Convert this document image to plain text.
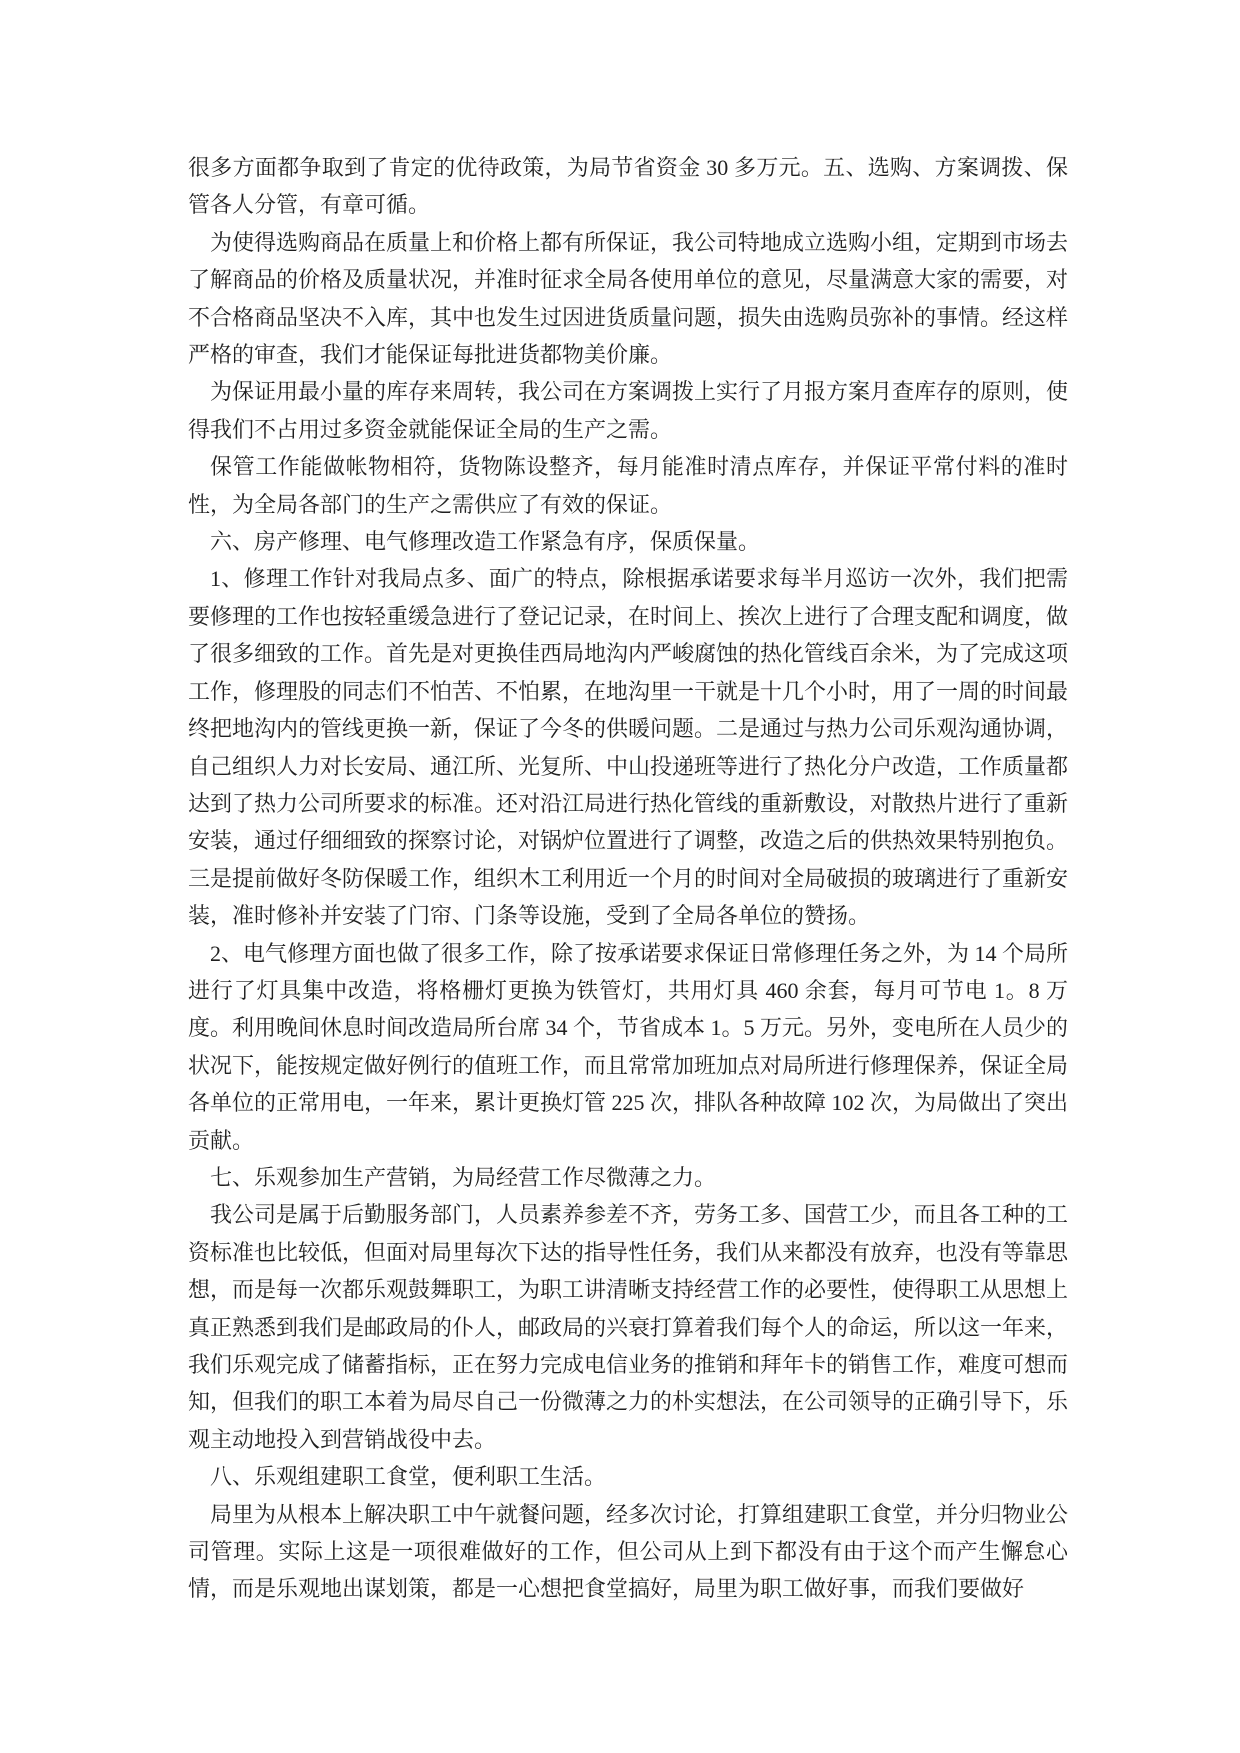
很多方面都争取到了肯定的优待政策，为局节省资金 30 多万元。五、选购、方案调拨、保管各人分管，有章可循。

为使得选购商品在质量上和价格上都有所保证，我公司特地成立选购小组，定期到市场去了解商品的价格及质量状况，并准时征求全局各使用单位的意见，尽量满意大家的需要，对不合格商品坚决不入库，其中也发生过因进货质量问题，损失由选购员弥补的事情。经这样严格的审查，我们才能保证每批进货都物美价廉。

为保证用最小量的库存来周转，我公司在方案调拨上实行了月报方案月查库存的原则，使得我们不占用过多资金就能保证全局的生产之需。

保管工作能做帐物相符，货物陈设整齐，每月能准时清点库存，并保证平常付料的准时性，为全局各部门的生产之需供应了有效的保证。

六、房产修理、电气修理改造工作紧急有序，保质保量。

1、修理工作针对我局点多、面广的特点，除根据承诺要求每半月巡访一次外，我们把需要修理的工作也按轻重缓急进行了登记记录，在时间上、挨次上进行了合理支配和调度，做了很多细致的工作。首先是对更换佳西局地沟内严峻腐蚀的热化管线百余米，为了完成这项工作，修理股的同志们不怕苦、不怕累，在地沟里一干就是十几个小时，用了一周的时间最终把地沟内的管线更换一新，保证了今冬的供暖问题。二是通过与热力公司乐观沟通协调，自己组织人力对长安局、通江所、光复所、中山投递班等进行了热化分户改造，工作质量都达到了热力公司所要求的标准。还对沿江局进行热化管线的重新敷设，对散热片进行了重新安装，通过仔细细致的探察讨论，对锅炉位置进行了调整，改造之后的供热效果特别抱负。三是提前做好冬防保暖工作，组织木工利用近一个月的时间对全局破损的玻璃进行了重新安装，准时修补并安装了门帘、门条等设施，受到了全局各单位的赞扬。

2、电气修理方面也做了很多工作，除了按承诺要求保证日常修理任务之外，为 14 个局所进行了灯具集中改造，将格栅灯更换为铁管灯，共用灯具 460 余套，每月可节电 1。8 万度。利用晚间休息时间改造局所台席 34 个，节省成本 1。5 万元。另外，变电所在人员少的状况下，能按规定做好例行的值班工作，而且常常加班加点对局所进行修理保养，保证全局各单位的正常用电，一年来，累计更换灯管 225 次，排队各种故障 102 次，为局做出了突出贡献。

七、乐观参加生产营销，为局经营工作尽微薄之力。

我公司是属于后勤服务部门，人员素养参差不齐，劳务工多、国营工少，而且各工种的工资标准也比较低，但面对局里每次下达的指导性任务，我们从来都没有放弃，也没有等靠思想，而是每一次都乐观鼓舞职工，为职工讲清晰支持经营工作的必要性，使得职工从思想上真正熟悉到我们是邮政局的仆人，邮政局的兴衰打算着我们每个人的命运，所以这一年来，我们乐观完成了储蓄指标，正在努力完成电信业务的推销和拜年卡的销售工作，难度可想而知，但我们的职工本着为局尽自己一份微薄之力的朴实想法，在公司领导的正确引导下，乐观主动地投入到营销战役中去。

八、乐观组建职工食堂，便利职工生活。

局里为从根本上解决职工中午就餐问题，经多次讨论，打算组建职工食堂，并分归物业公司管理。实际上这是一项很难做好的工作，但公司从上到下都没有由于这个而产生懈怠心情，而是乐观地出谋划策，都是一心想把食堂搞好，局里为职工做好事，而我们要做好
